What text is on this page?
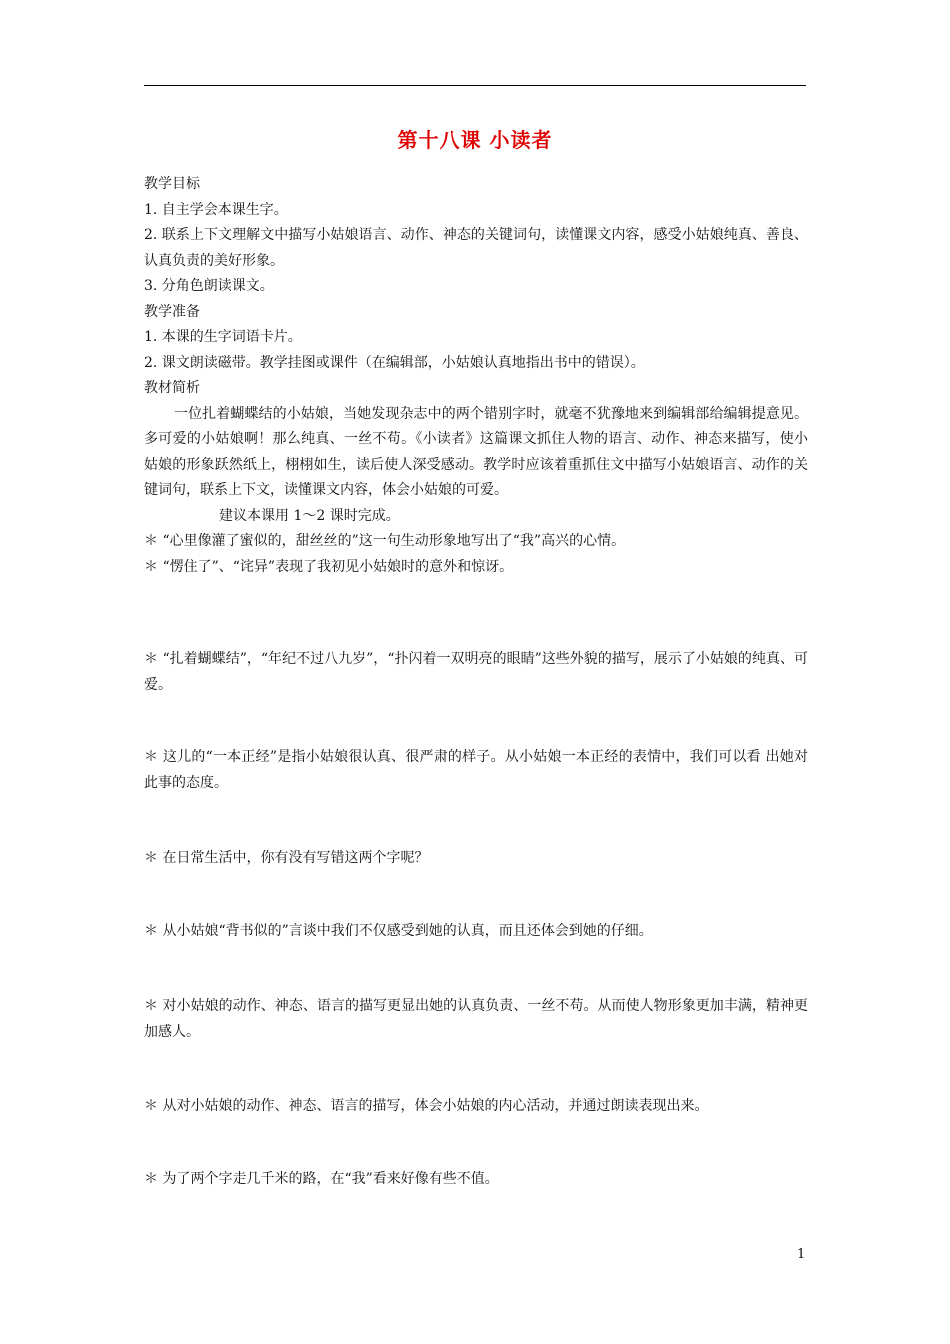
第十八课 小读者
教学目标
1. 自主学会本课生字。
2. 联系上下文理解文中描写小姑娘语言、动作、神态的关键词句，读懂课文内容，感受小姑娘纯真、善良、认真负责的美好形象。
3. 分角色朗读课文。
教学准备
1. 本课的生字词语卡片。
2. 课文朗读磁带。教学挂图或课件（在编辑部，小姑娘认真地指出书中的错误）。
教材简析
一位扎着蝴蝶结的小姑娘，当她发现杂志中的两个错别字时，就毫不犹豫地来到编辑部给编辑提意见。多可爱的小姑娘啊！那么纯真、一丝不苟。《小读者》这篇课文抓住人物的语言、动作、神态来描写，使小姑娘的形象跃然纸上，栩栩如生，读后使人深受感动。教学时应该着重抓住文中描写小姑娘语言、动作的关键词句，联系上下文，读懂课文内容，体会小姑娘的可爱。
建议本课用 1～2 课时完成。
＊ “心里像灌了蜜似的，甜丝丝的”这一句生动形象地写出了“我”高兴的心情。
＊ “愣住了”、“诧异”表现了我初见小姑娘时的意外和惊讶。
＊ “扎着蝴蝶结”，“年纪不过八九岁”，“扑闪着一双明亮的眼睛”这些外貌的描写，展示了小姑娘的纯真、可爱。
＊ 这儿的“一本正经”是指小姑娘很认真、很严肃的样子。从小姑娘一本正经的表情中，我们可以看 出她对此事的态度。
＊ 在日常生活中，你有没有写错这两个字呢？
＊ 从小姑娘“背书似的”言谈中我们不仅感受到她的认真，而且还体会到她的仔细。
＊ 对小姑娘的动作、神态、语言的描写更显出她的认真负责、一丝不苟。从而使人物形象更加丰满，精神更加感人。
＊ 从对小姑娘的动作、神态、语言的描写，体会小姑娘的内心活动，并通过朗读表现出来。
＊ 为了两个字走几千米的路，在“我”看来好像有些不值。
1
